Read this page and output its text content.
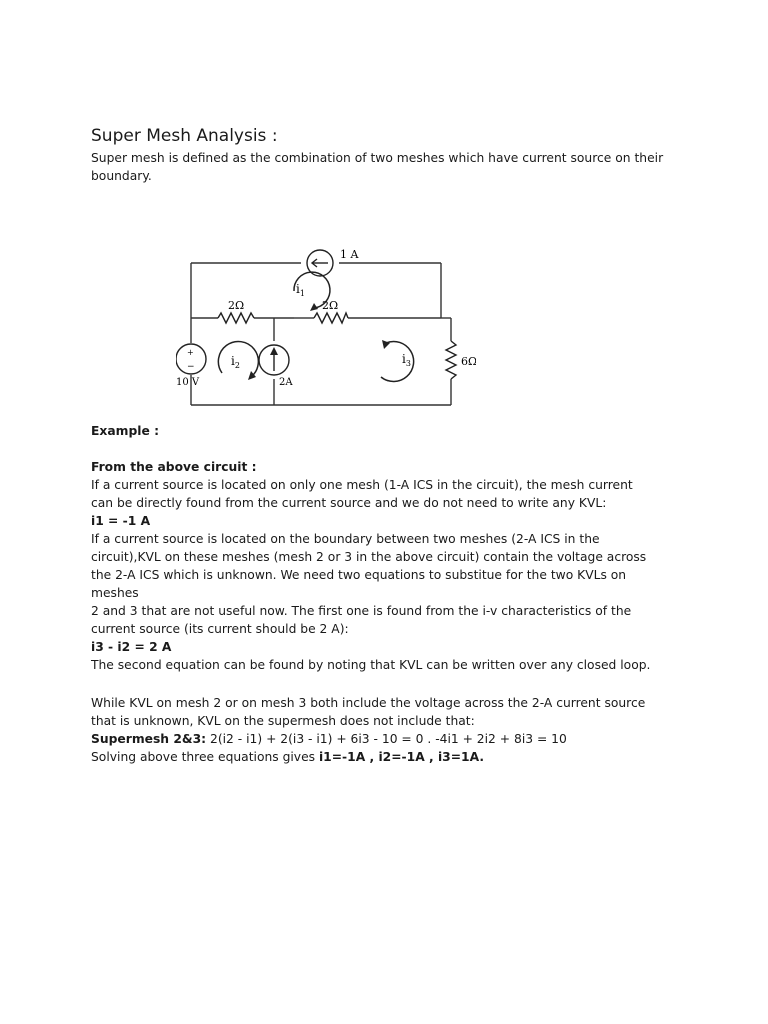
Super Mesh Analysis :

Super mesh is defined as the combination of two meshes which have current source on their
boundary.

1 A
2Ω	2Ω
6Ω
+
−
10 V	2A
$i_1$
$i_2$	$i_3$

Example :

From the above circuit :

If a current source is located on only one mesh (1-A ICS in the circuit), the mesh current
can be directly found from the current source and we do not need to write any KVL:
i1 = -1 A

If a current source is located on the boundary between two meshes (2-A ICS in the
circuit),KVL on these meshes (mesh 2 or 3 in the above circuit) contain the voltage across
the 2-A ICS which is unknown. We need two equations to substitue for the two KVLs on
meshes
2 and 3 that are not useful now. The first one is found from the i-v characteristics of the
current source (its current should be 2 A):
i3 - i2 = 2 A
The second equation can be found by noting that KVL can be written over any closed loop.

While KVL on mesh 2 or on mesh 3 both include the voltage across the 2-A current source
that is unknown, KVL on the supermesh does not include that:
Supermesh 2&3: 2(i2 - i1) + 2(i3 - i1) + 6i3 - 10 = 0 . -4i1 + 2i2 + 8i3 = 10
Solving above three equations gives i1=-1A , i2=-1A , i3=1A.
